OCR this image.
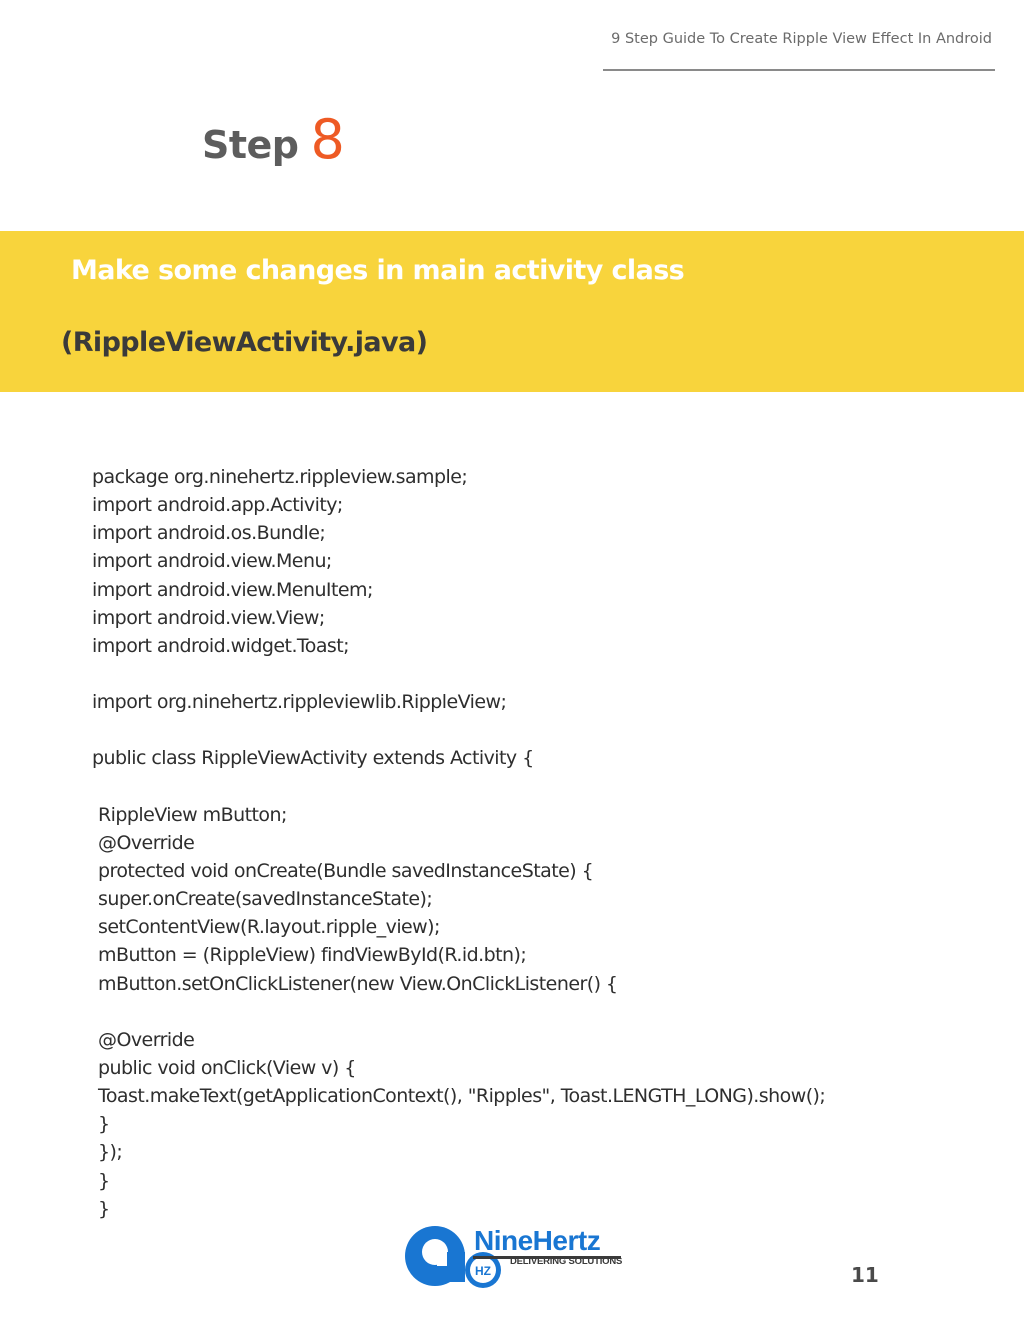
9 Step Guide To Create Ripple View Effect In Android
Step 8
Make some changes in main activity class
(RippleViewActivity.java)
package org.ninehertz.rippleview.sample;
import android.app.Activity;
import android.os.Bundle;
import android.view.Menu;
import android.view.MenuItem;
import android.view.View;
import android.widget.Toast;
import org.ninehertz.rippleviewlib.RippleView;
public class RippleViewActivity extends Activity {
RippleView mButton;
@Override
protected void onCreate(Bundle savedInstanceState) {
super.onCreate(savedInstanceState);
setContentView(R.layout.ripple_view);
mButton = (RippleView) findViewById(R.id.btn);
mButton.setOnClickListener(new View.OnClickListener() {
@Override
public void onClick(View v) {
Toast.makeText(getApplicationContext(), "Ripples", Toast.LENGTH_LONG).show();
}
});
}
}
HZ
NineHertz
DELIVERING SOLUTIONS
11
